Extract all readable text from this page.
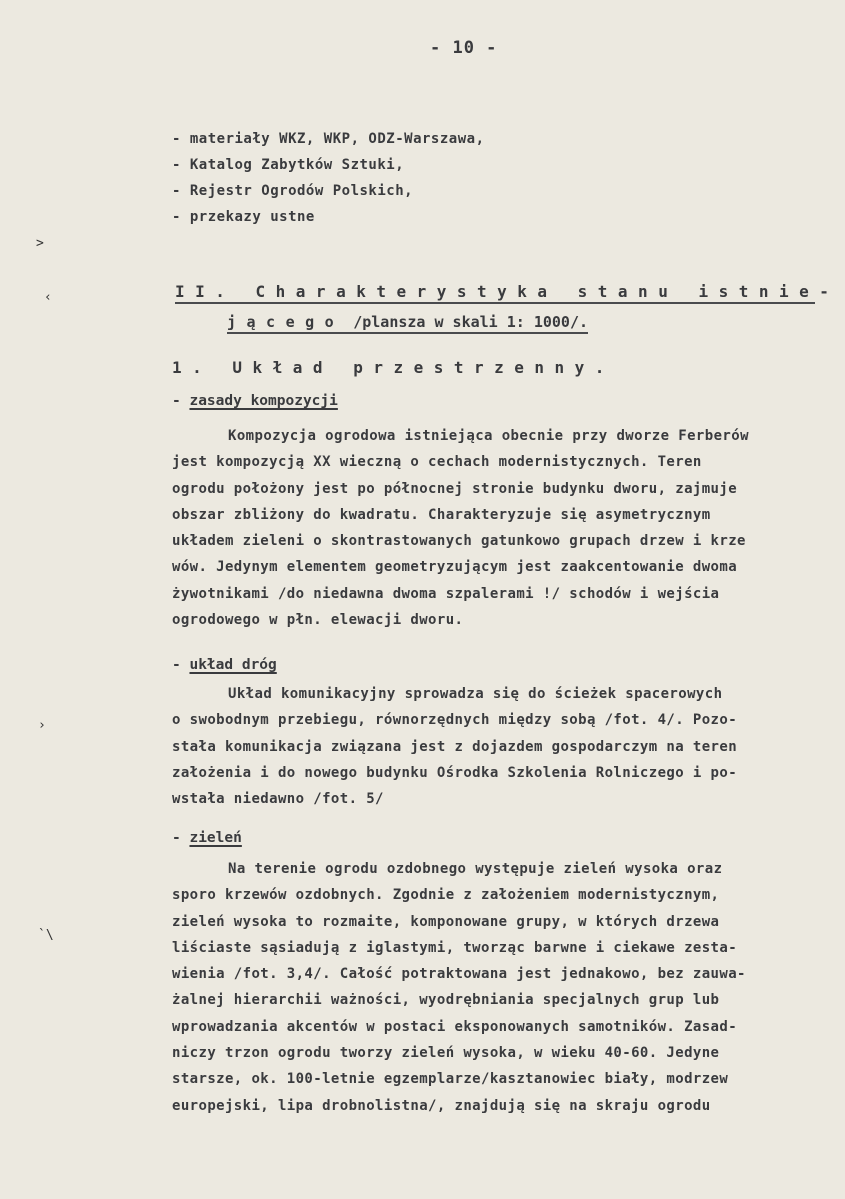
- 10 -
- materiały WKZ, WKP, ODZ-Warszawa,
- Katalog Zabytków Sztuki,
- Rejestr Ogrodów Polskich,
- przekazy ustne
>
‹
›
`\
II. Charakterystyka stanu istnie-
jącego /plansza w skali 1: 1000/.
1. Układ przestrzenny.
- zasady kompozycji
Kompozycja ogrodowa istniejąca obecnie przy dworze Ferberów
jest kompozycją XX wieczną o cechach modernistycznych. Teren
ogrodu położony jest po północnej stronie budynku dworu, zajmuje
obszar zbliżony do kwadratu. Charakteryzuje się asymetrycznym
układem zieleni o skontrastowanych gatunkowo grupach drzew i krze
wów. Jedynym elementem geometryzującym jest zaakcentowanie dwoma
żywotnikami /do niedawna dwoma szpalerami !/ schodów i wejścia
ogrodowego w płn. elewacji dworu.
- układ dróg
Układ komunikacyjny sprowadza się do ścieżek spacerowych
o swobodnym przebiegu, równorzędnych między sobą /fot. 4/. Pozo-
stała komunikacja związana jest z dojazdem gospodarczym na teren
założenia i do nowego budynku Ośrodka Szkolenia Rolniczego i po-
wstała niedawno /fot. 5/
- zieleń
Na terenie ogrodu ozdobnego występuje zieleń wysoka oraz
sporo krzewów ozdobnych. Zgodnie z założeniem modernistycznym,
zieleń wysoka to rozmaite, komponowane grupy, w których drzewa
liściaste sąsiadują z iglastymi, tworząc barwne i ciekawe zesta-
wienia /fot. 3,4/. Całość potraktowana jest jednakowo, bez zauwa-
żalnej hierarchii ważności, wyodrębniania specjalnych grup lub
wprowadzania akcentów w postaci eksponowanych samotników. Zasad-
niczy trzon ogrodu tworzy zieleń wysoka, w wieku 40-60. Jedyne
starsze, ok. 100-letnie egzemplarze/kasztanowiec biały, modrzew
europejski, lipa drobnolistna/, znajdują się na skraju ogrodu
